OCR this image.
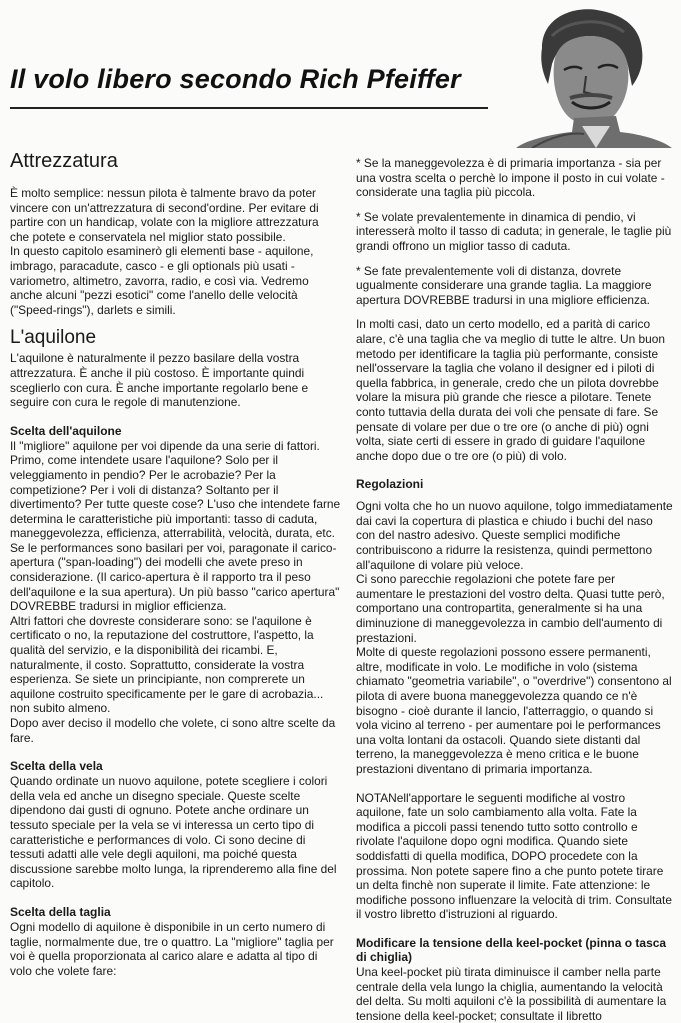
Il volo libero secondo Rich Pfeiffer
Attrezzatura

È molto semplice: nessun pilota è talmente bravo da poter vincere con un'attrezzatura di second'ordine. Per evitare di partire con un handicap, volate con la migliore attrezzatura che potete e conservatela nel miglior stato possibile.

In questo capitolo esaminerò gli elementi base - aquilone, imbrago, paracadute, casco - e gli optionals più usati - variometro, altimetro, zavorra, radio, e così via. Vedremo anche alcuni "pezzi esotici" come l'anello delle velocità ("Speed-rings"), darlets e simili.

L'aquilone

L'aquilone è naturalmente il pezzo basilare della vostra attrezzatura. È anche il più costoso. È importante quindi sceglierlo con cura. È anche importante regolarlo bene e seguire con cura le regole di manutenzione.

Scelta dell'aquilone

Il "migliore" aquilone per voi dipende da una serie di fattori.

Primo, come intendete usare l'aquilone? Solo per il veleggiamento in pendio? Per le acrobazie? Per la competizione? Per i voli di distanza? Soltanto per il divertimento? Per tutte queste cose? L'uso che intendete farne determina le caratteristiche più importanti: tasso di caduta, maneggevolezza, efficienza, atterrabilità, velocità, durata, etc.

Se le performances sono basilari per voi, paragonate il carico-apertura ("span-loading") dei modelli che avete preso in considerazione. (Il carico-apertura è il rapporto tra il peso dell'aquilone e la sua apertura). Un più basso "carico apertura" DOVREBBE tradursi in miglior efficienza.

Altri fattori che dovreste considerare sono: se l'aquilone è certificato o no, la reputazione del costruttore, l'aspetto, la qualità del servizio, e la disponibilità dei ricambi. E, naturalmente, il costo. Soprattutto, considerate la vostra esperienza. Se siete un principiante, non comprerete un aquilone costruito specificamente per le gare di acrobazia... non subito almeno.

Dopo aver deciso il modello che volete, ci sono altre scelte da fare.

Scelta della vela

Quando ordinate un nuovo aquilone, potete scegliere i colori della vela ed anche un disegno speciale. Queste scelte dipendono dai gusti di ognuno. Potete anche ordinare un tessuto speciale per la vela se vi interessa un certo tipo di caratteristiche e performances di volo. Ci sono decine di tessuti adatti alle vele degli aquiloni, ma poiché questa discussione sarebbe molto lunga, la riprenderemo alla fine del capitolo.

Scelta della taglia

Ogni modello di aquilone è disponibile in un certo numero di taglie, normalmente due, tre o quattro. La "migliore" taglia per voi è quella proporzionata al carico alare e adatta al tipo di volo che volete fare:

* Se la maneggevolezza è di primaria importanza - sia per una vostra scelta o perchè lo impone il posto in cui volate - considerate una taglia più piccola.

* Se volate prevalentemente in dinamica di pendio, vi interesserà molto il tasso di caduta; in generale, le taglie più grandi offrono un miglior tasso di caduta.

* Se fate prevalentemente voli di distanza, dovrete ugualmente considerare una grande taglia. La maggiore apertura DOVREBBE tradursi in una migliore efficienza.

In molti casi, dato un certo modello, ed a parità di carico alare, c'è una taglia che va meglio di tutte le altre. Un buon metodo per identificare la taglia più performante, consiste nell'osservare la taglia che volano il designer ed i piloti di quella fabbrica, in generale, credo che un pilota dovrebbe volare la misura più grande che riesce a pilotare. Tenete conto tuttavia della durata dei voli che pensate di fare. Se pensate di volare per due o tre ore (o anche di più) ogni volta, siate certi di essere in grado di guidare l'aquilone anche dopo due o tre ore (o più) di volo.

Regolazioni

Ogni volta che ho un nuovo aquilone, tolgo immediatamente dai cavi la copertura di plastica e chiudo i buchi del naso con del nastro adesivo. Queste semplici modifiche contribuiscono a ridurre la resistenza, quindi permettono all'aquilone di volare più veloce.

Ci sono parecchie regolazioni che potete fare per aumentare le prestazioni del vostro delta. Quasi tutte però, comportano una contropartita, generalmente si ha una diminuzione di maneggevolezza in cambio dell'aumento di prestazioni.

Molte di queste regolazioni possono essere permanenti, altre, modificate in volo. Le modifiche in volo (sistema chiamato "geometria variabile", o "overdrive") consentono al pilota di avere buona maneggevolezza quando ce n'è bisogno - cioè durante il lancio, l'atterraggio, o quando si vola vicino al terreno - per aumentare poi le performances una volta lontani da ostacoli. Quando siete distanti dal terreno, la maneggevolezza è meno critica e le buone prestazioni diventano di primaria importanza.

NOTANell'apportare le seguenti modifiche al vostro aquilone, fate un solo cambiamento alla volta. Fate la modifica a piccoli passi tenendo tutto sotto controllo e rivolate l'aquilone dopo ogni modifica. Quando siete soddisfatti di quella modifica, DOPO procedete con la prossima. Non potete sapere fino a che punto potete tirare un delta finchè non superate il limite. Fate attenzione: le modifiche possono influenzare la velocità di trim. Consultate il vostro libretto d'istruzioni al riguardo.

Modificare la tensione della keel-pocket (pinna o tasca di chiglia)

Una keel-pocket più tirata diminuisce il camber nella parte centrale della vela lungo la chiglia, aumentando la velocità del delta. Su molti aquiloni c'è la possibilità di aumentare la tensione della keel-pocket; consultate il libretto
